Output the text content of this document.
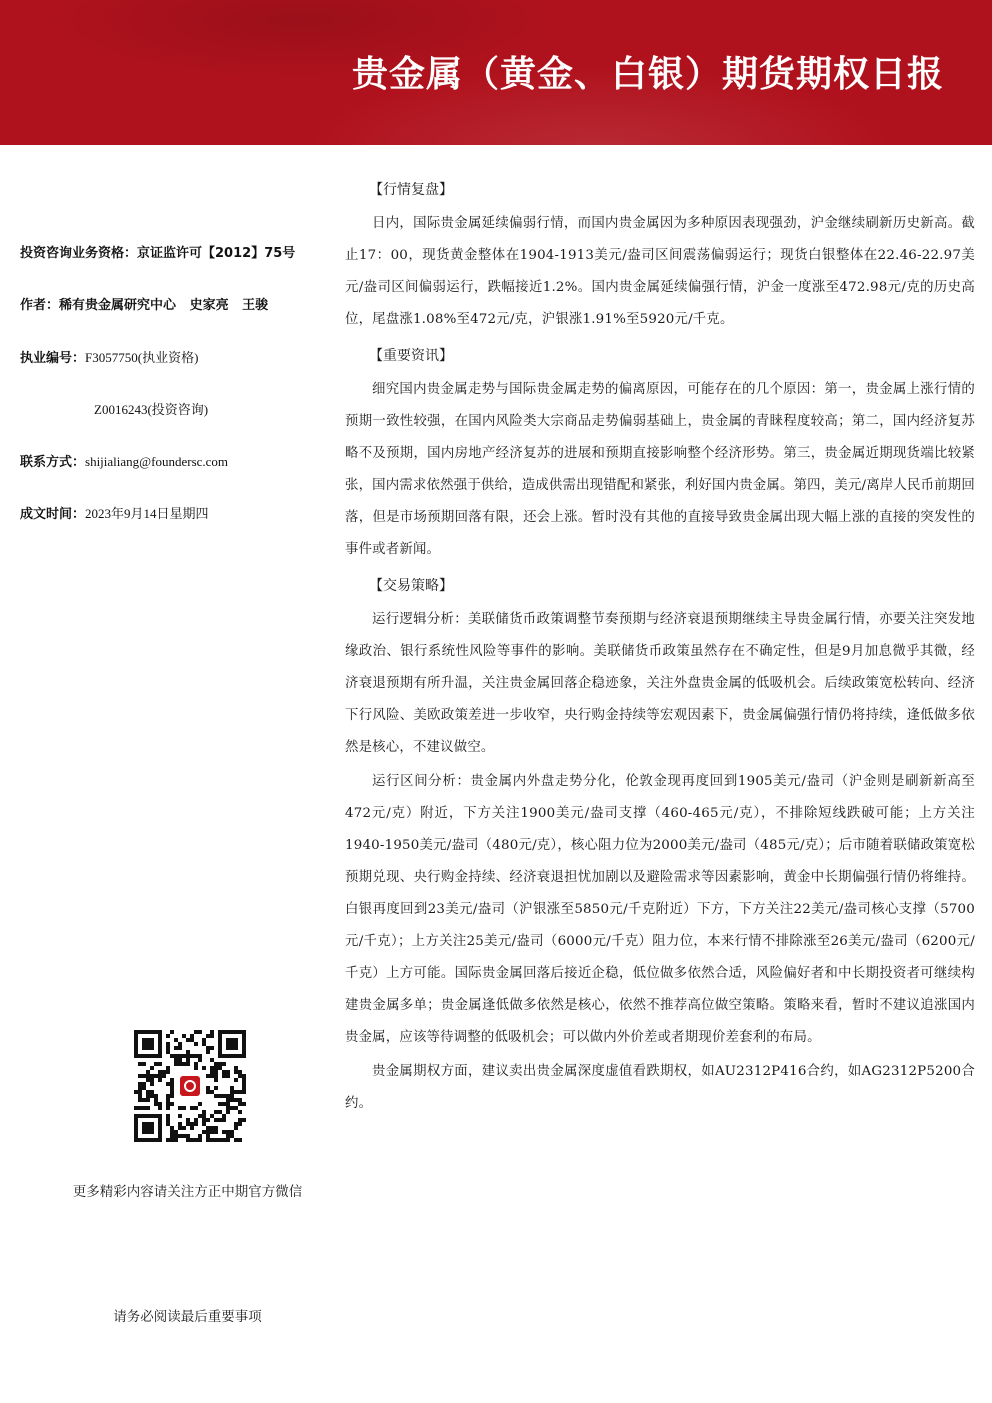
贵金属（黄金、白银）期货期权日报
投资咨询业务资格：京证监许可【2012】75号
作者：稀有贵金属研究中心   史家亮   王骏
执业编号：F3057750(执业资格)
Z0016243(投资咨询)
联系方式：shijialiang@foundersc.com
成文时间：2023年9月14日星期四
更多精彩内容请关注方正中期官方微信
请务必阅读最后重要事项
【行情复盘】

日内，国际贵金属延续偏弱行情，而国内贵金属因为多种原因表现强劲，沪金继续刷新历史新高。截止17：00，现货黄金整体在1904-1913美元/盎司区间震荡偏弱运行；现货白银整体在22.46-22.97美元/盎司区间偏弱运行，跌幅接近1.2%。国内贵金属延续偏强行情，沪金一度涨至472.98元/克的历史高位，尾盘涨1.08%至472元/克，沪银涨1.91%至5920元/千克。

【重要资讯】

细究国内贵金属走势与国际贵金属走势的偏离原因，可能存在的几个原因：第一，贵金属上涨行情的预期一致性较强，在国内风险类大宗商品走势偏弱基础上，贵金属的青睐程度较高；第二，国内经济复苏略不及预期，国内房地产经济复苏的进展和预期直接影响整个经济形势。第三，贵金属近期现货端比较紧张，国内需求依然强于供给，造成供需出现错配和紧张，利好国内贵金属。第四，美元/离岸人民币前期回落，但是市场预期回落有限，还会上涨。暂时没有其他的直接导致贵金属出现大幅上涨的直接的突发性的事件或者新闻。

【交易策略】

运行逻辑分析：美联储货币政策调整节奏预期与经济衰退预期继续主导贵金属行情，亦要关注突发地缘政治、银行系统性风险等事件的影响。美联储货币政策虽然存在不确定性，但是9月加息微乎其微，经济衰退预期有所升温，关注贵金属回落企稳迹象，关注外盘贵金属的低吸机会。后续政策宽松转向、经济下行风险、美欧政策差进一步收窄，央行购金持续等宏观因素下，贵金属偏强行情仍将持续，逢低做多依然是核心，不建议做空。

运行区间分析：贵金属内外盘走势分化，伦敦金现再度回到1905美元/盎司（沪金则是刷新新高至472元/克）附近，下方关注1900美元/盎司支撑（460-465元/克），不排除短线跌破可能；上方关注1940-1950美元/盎司（480元/克），核心阻力位为2000美元/盎司（485元/克）；后市随着联储政策宽松预期兑现、央行购金持续、经济衰退担忧加剧以及避险需求等因素影响，黄金中长期偏强行情仍将维持。白银再度回到23美元/盎司（沪银涨至5850元/千克附近）下方，下方关注22美元/盎司核心支撑（5700元/千克）；上方关注25美元/盎司（6000元/千克）阻力位，本来行情不排除涨至26美元/盎司（6200元/千克）上方可能。国际贵金属回落后接近企稳，低位做多依然合适，风险偏好者和中长期投资者可继续构建贵金属多单；贵金属逢低做多依然是核心，依然不推荐高位做空策略。策略来看，暂时不建议追涨国内贵金属，应该等待调整的低吸机会；可以做内外价差或者期现价差套利的布局。

贵金属期权方面，建议卖出贵金属深度虚值看跌期权，如AU2312P416合约，如AG2312P5200合约。
